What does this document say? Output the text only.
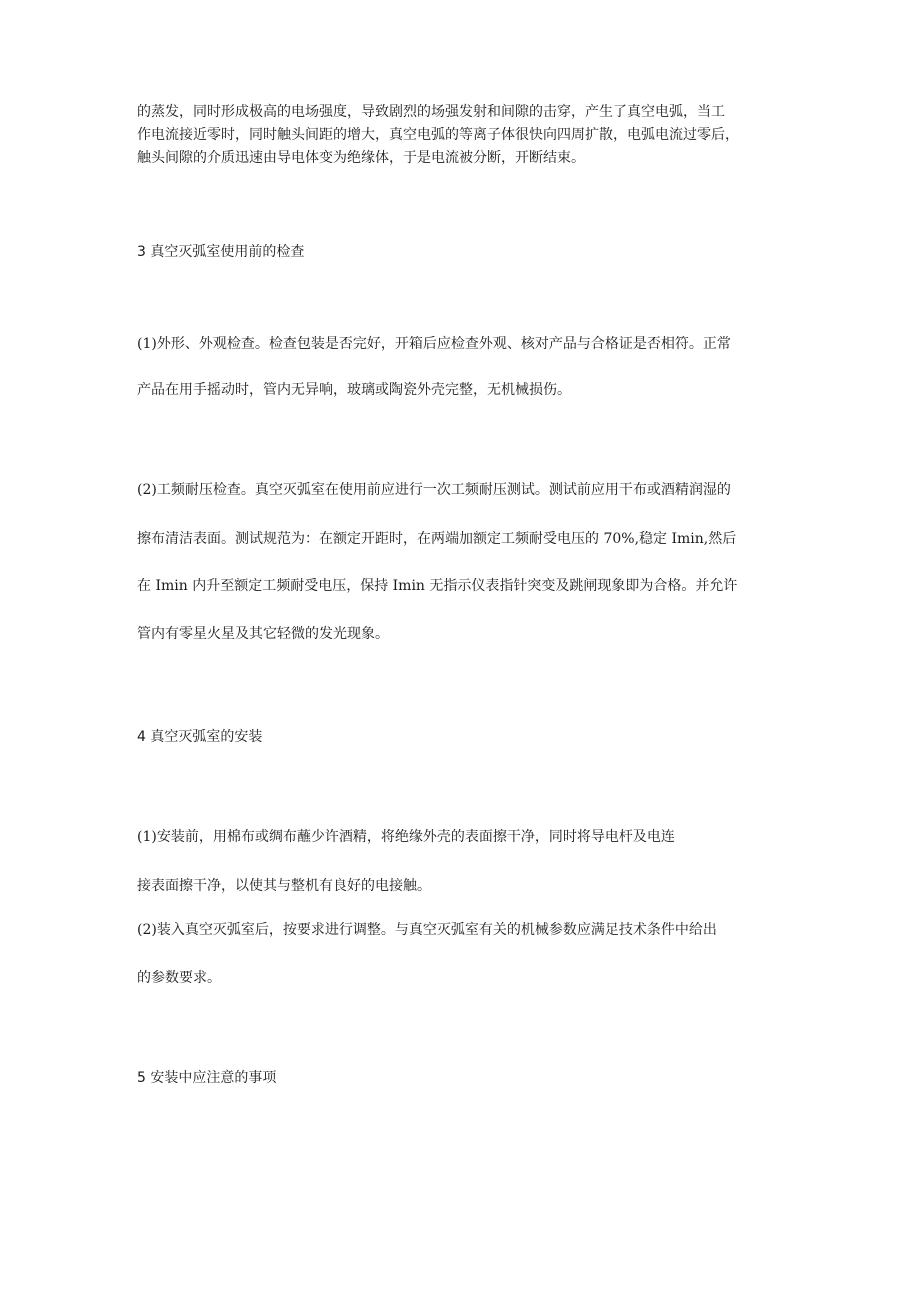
的蒸发，同时形成极高的电场强度，导致剧烈的场强发射和间隙的击穿，产生了真空电弧，当工
作电流接近零时，同时触头间距的增大，真空电弧的等离子体很快向四周扩散，电弧电流过零后，
触头间隙的介质迅速由导电体变为绝缘体，于是电流被分断，开断结束。
3 真空灭弧室使用前的检查
(1)外形、外观检查。检查包装是否完好，开箱后应检查外观、核对产品与合格证是否相符。正常
产品在用手摇动时，管内无异响，玻璃或陶瓷外壳完整，无机械损伤。
(2)工频耐压检查。真空灭弧室在使用前应进行一次工频耐压测试。测试前应用干布或酒精润湿的
擦布清洁表面。测试规范为：在额定开距时，在两端加额定工频耐受电压的 70%,稳定 Imin,然后
在 Imin 内升至额定工频耐受电压，保持 Imin 无指示仪表指针突变及跳闸现象即为合格。并允许
管内有零星火星及其它轻微的发光现象。
4 真空灭弧室的安装
(1)安装前，用棉布或绸布蘸少许酒精，将绝缘外壳的表面擦干净，同时将导电杆及电连
接表面擦干净，以使其与整机有良好的电接触。
(2)装入真空灭弧室后，按要求进行调整。与真空灭弧室有关的机械参数应满足技术条件中给出
的参数要求。
5 安装中应注意的事项
